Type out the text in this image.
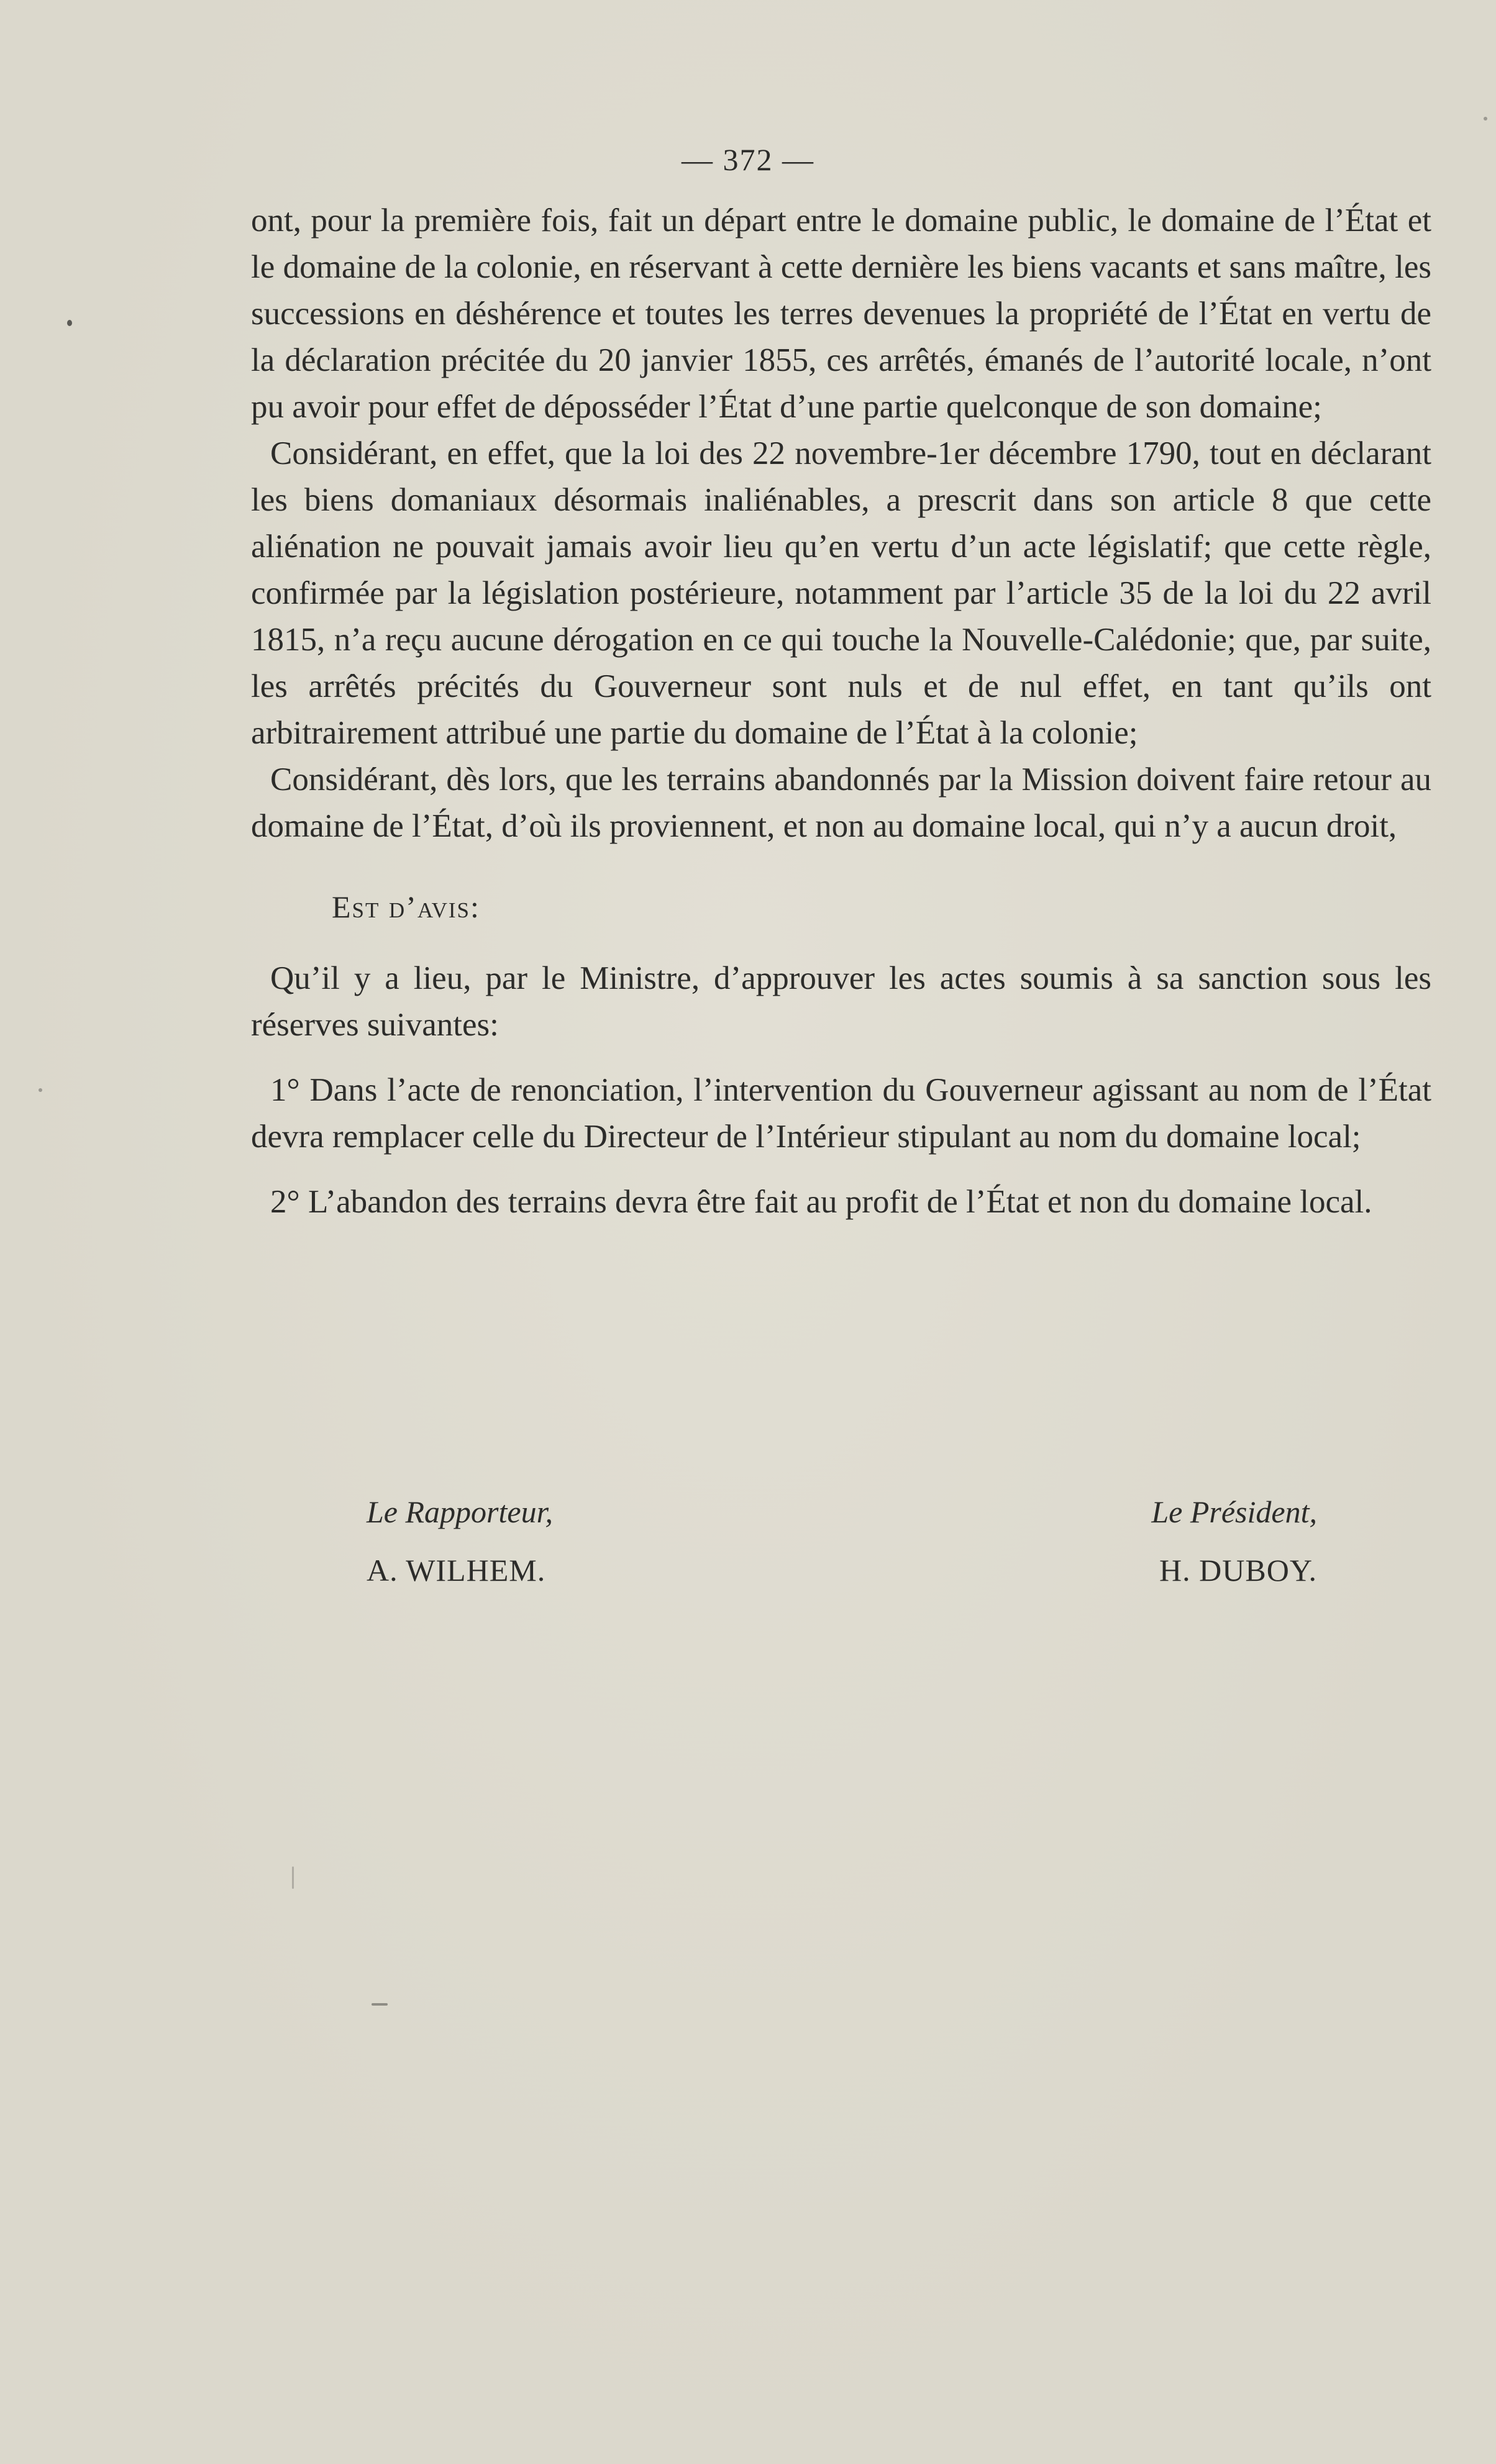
— 372 —

ont, pour la première fois, fait un départ entre le domaine public, le domaine de l’État et le domaine de la colonie, en réservant à cette dernière les biens vacants et sans maître, les successions en déshérence et toutes les terres devenues la propriété de l’État en vertu de la déclaration précitée du 20 janvier 1855, ces arrêtés, émanés de l’autorité locale, n’ont pu avoir pour effet de déposséder l’État d’une partie quelconque de son domaine;

Considérant, en effet, que la loi des 22 novembre-1er décembre 1790, tout en déclarant les biens domaniaux désormais inaliénables, a prescrit dans son article 8 que cette aliénation ne pouvait jamais avoir lieu qu’en vertu d’un acte législatif; que cette règle, confirmée par la législation postérieure, notamment par l’article 35 de la loi du 22 avril 1815, n’a reçu aucune dérogation en ce qui touche la Nouvelle-Calédonie; que, par suite, les arrêtés précités du Gouverneur sont nuls et de nul effet, en tant qu’ils ont arbitrairement attribué une partie du domaine de l’État à la colonie;

Considérant, dès lors, que les terrains abandonnés par la Mission doivent faire retour au domaine de l’État, d’où ils proviennent, et non au domaine local, qui n’y a aucun droit,

Est d’avis:

Qu’il y a lieu, par le Ministre, d’approuver les actes soumis à sa sanction sous les réserves suivantes:

1° Dans l’acte de renonciation, l’intervention du Gouverneur agissant au nom de l’État devra remplacer celle du Directeur de l’Intérieur stipulant au nom du domaine local;

2° L’abandon des terrains devra être fait au profit de l’État et non du domaine local.

Le Rapporteur,	Le Président,
A. WILHEM.	H. DUBOY.
